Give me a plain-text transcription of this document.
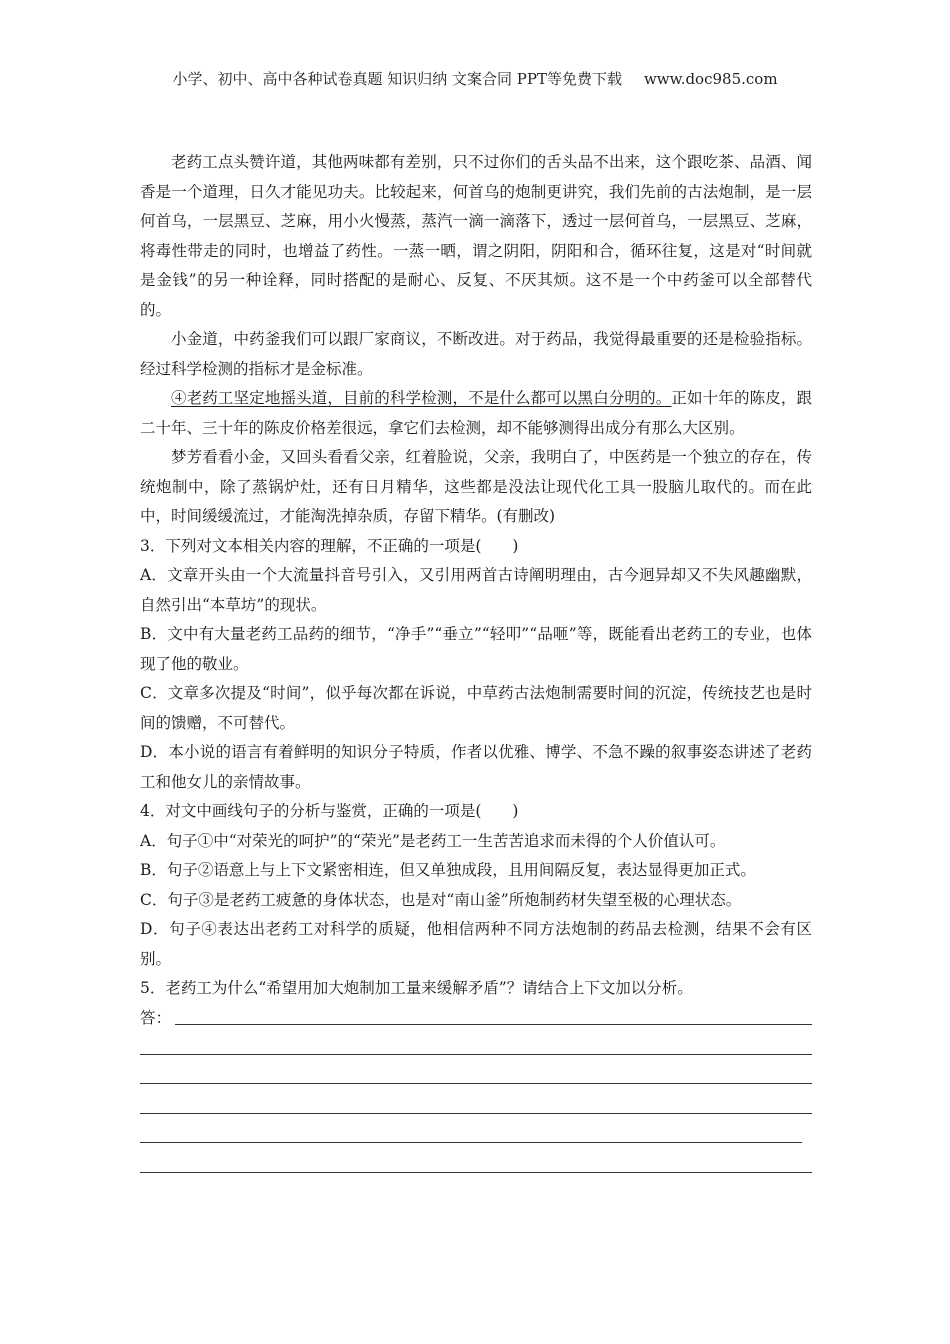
小学、初中、高中各种试卷真题 知识归纳 文案合同 PPT等免费下载 www.doc985.com

老药工点头赞许道，其他两味都有差别，只不过你们的舌头品不出来，这个跟吃茶、品酒、闻香是一个道理，日久才能见功夫。比较起来，何首乌的炮制更讲究，我们先前的古法炮制，是一层何首乌，一层黑豆、芝麻，用小火慢蒸，蒸汽一滴一滴落下，透过一层何首乌，一层黑豆、芝麻，将毒性带走的同时，也增益了药性。一蒸一晒，谓之阴阳，阴阳和合，循环往复，这是对“时间就是金钱”的另一种诠释，同时搭配的是耐心、反复、不厌其烦。这不是一个中药釜可以全部替代的。

小金道，中药釜我们可以跟厂家商议，不断改进。对于药品，我觉得最重要的还是检验指标。经过科学检测的指标才是金标准。

④老药工坚定地摇头道，目前的科学检测，不是什么都可以黑白分明的。正如十年的陈皮，跟二十年、三十年的陈皮价格差很远，拿它们去检测，却不能够测得出成分有那么大区别。

梦芳看看小金，又回头看看父亲，红着脸说，父亲，我明白了，中医药是一个独立的存在，传统炮制中，除了蒸锅炉灶，还有日月精华，这些都是没法让现代化工具一股脑儿取代的。而在此中，时间缓缓流过，才能淘洗掉杂质，存留下精华。(有删改)

3．下列对文本相关内容的理解，不正确的一项是(　　)

A．文章开头由一个大流量抖音号引入，又引用两首古诗阐明理由，古今迥异却又不失风趣幽默，自然引出“本草坊”的现状。

B．文中有大量老药工品药的细节，“净手”“垂立”“轻叩”“品咂”等，既能看出老药工的专业，也体现了他的敬业。

C．文章多次提及“时间”，似乎每次都在诉说，中草药古法炮制需要时间的沉淀，传统技艺也是时间的馈赠，不可替代。

D．本小说的语言有着鲜明的知识分子特质，作者以优雅、博学、不急不躁的叙事姿态讲述了老药工和他女儿的亲情故事。

4．对文中画线句子的分析与鉴赏，正确的一项是(　　)

A．句子①中“对荣光的呵护”的“荣光”是老药工一生苦苦追求而未得的个人价值认可。

B．句子②语意上与上下文紧密相连，但又单独成段，且用间隔反复，表达显得更加正式。

C．句子③是老药工疲惫的身体状态，也是对“南山釜”所炮制药材失望至极的心理状态。

D．句子④表达出老药工对科学的质疑，他相信两种不同方法炮制的药品去检测，结果不会有区别。

5．老药工为什么“希望用加大炮制加工量来缓解矛盾”？请结合上下文加以分析。

答：
